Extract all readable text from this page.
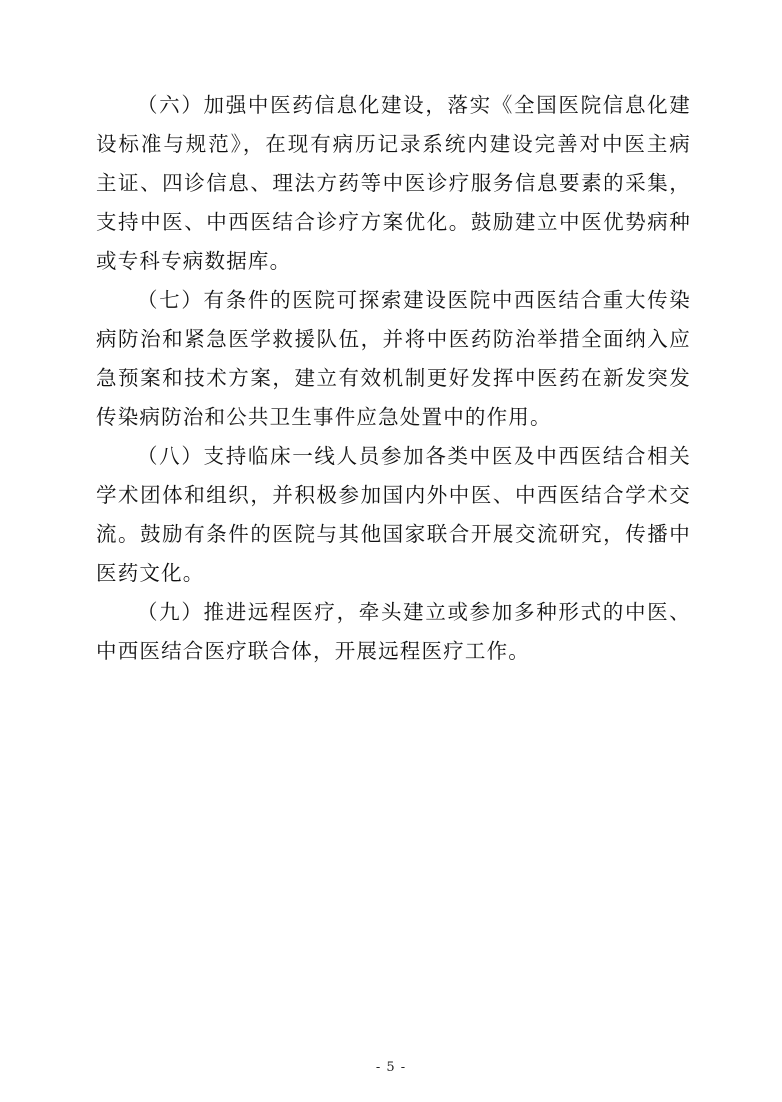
（六）加强中医药信息化建设，落实《全国医院信息化建设标准与规范》，在现有病历记录系统内建设完善对中医主病主证、四诊信息、理法方药等中医诊疗服务信息要素的采集，支持中医、中西医结合诊疗方案优化。鼓励建立中医优势病种或专科专病数据库。

（七）有条件的医院可探索建设医院中西医结合重大传染病防治和紧急医学救援队伍，并将中医药防治举措全面纳入应急预案和技术方案，建立有效机制更好发挥中医药在新发突发传染病防治和公共卫生事件应急处置中的作用。

（八）支持临床一线人员参加各类中医及中西医结合相关学术团体和组织，并积极参加国内外中医、中西医结合学术交流。鼓励有条件的医院与其他国家联合开展交流研究，传播中医药文化。

（九）推进远程医疗，牵头建立或参加多种形式的中医、中西医结合医疗联合体，开展远程医疗工作。

- 5 -
